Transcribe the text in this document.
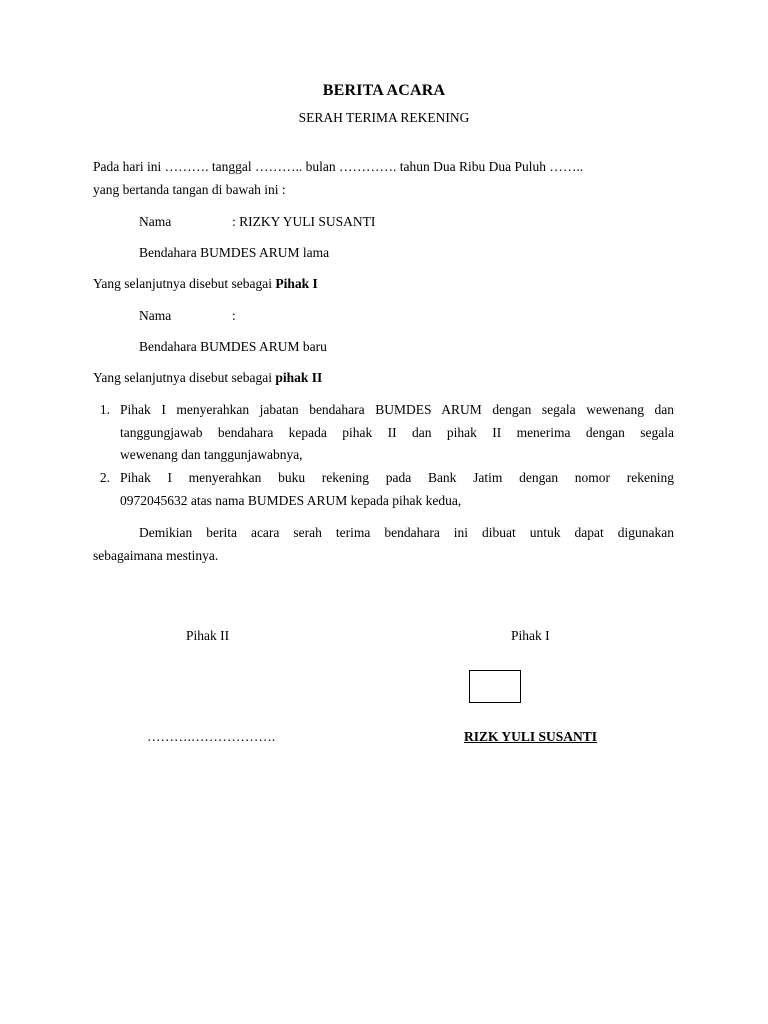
BERITA ACARA
SERAH TERIMA REKENING
Pada hari ini ………. tanggal ……….. bulan …………. tahun Dua Ribu Dua Puluh ……..
yang bertanda tangan di bawah ini :
Nama	: RIZKY YULI SUSANTI
Bendahara BUMDES ARUM lama
Yang selanjutnya disebut sebagai Pihak I
Nama	:
Bendahara BUMDES ARUM baru
Yang selanjutnya disebut sebagai pihak II
1. Pihak I menyerahkan jabatan bendahara BUMDES ARUM dengan segala wewenang dan
tanggungjawab bendahara kepada pihak II dan pihak II menerima dengan segala
wewenang dan tanggunjawabnya,
2. Pihak I menyerahkan buku rekening pada Bank Jatim dengan nomor rekening
0972045632 atas nama BUMDES ARUM kepada pihak kedua,
Demikian berita acara serah terima bendahara ini dibuat untuk dapat digunakan
sebagaimana mestinya.
Pihak II	Pihak I
……….……………….	RIZK YULI SUSANTI
